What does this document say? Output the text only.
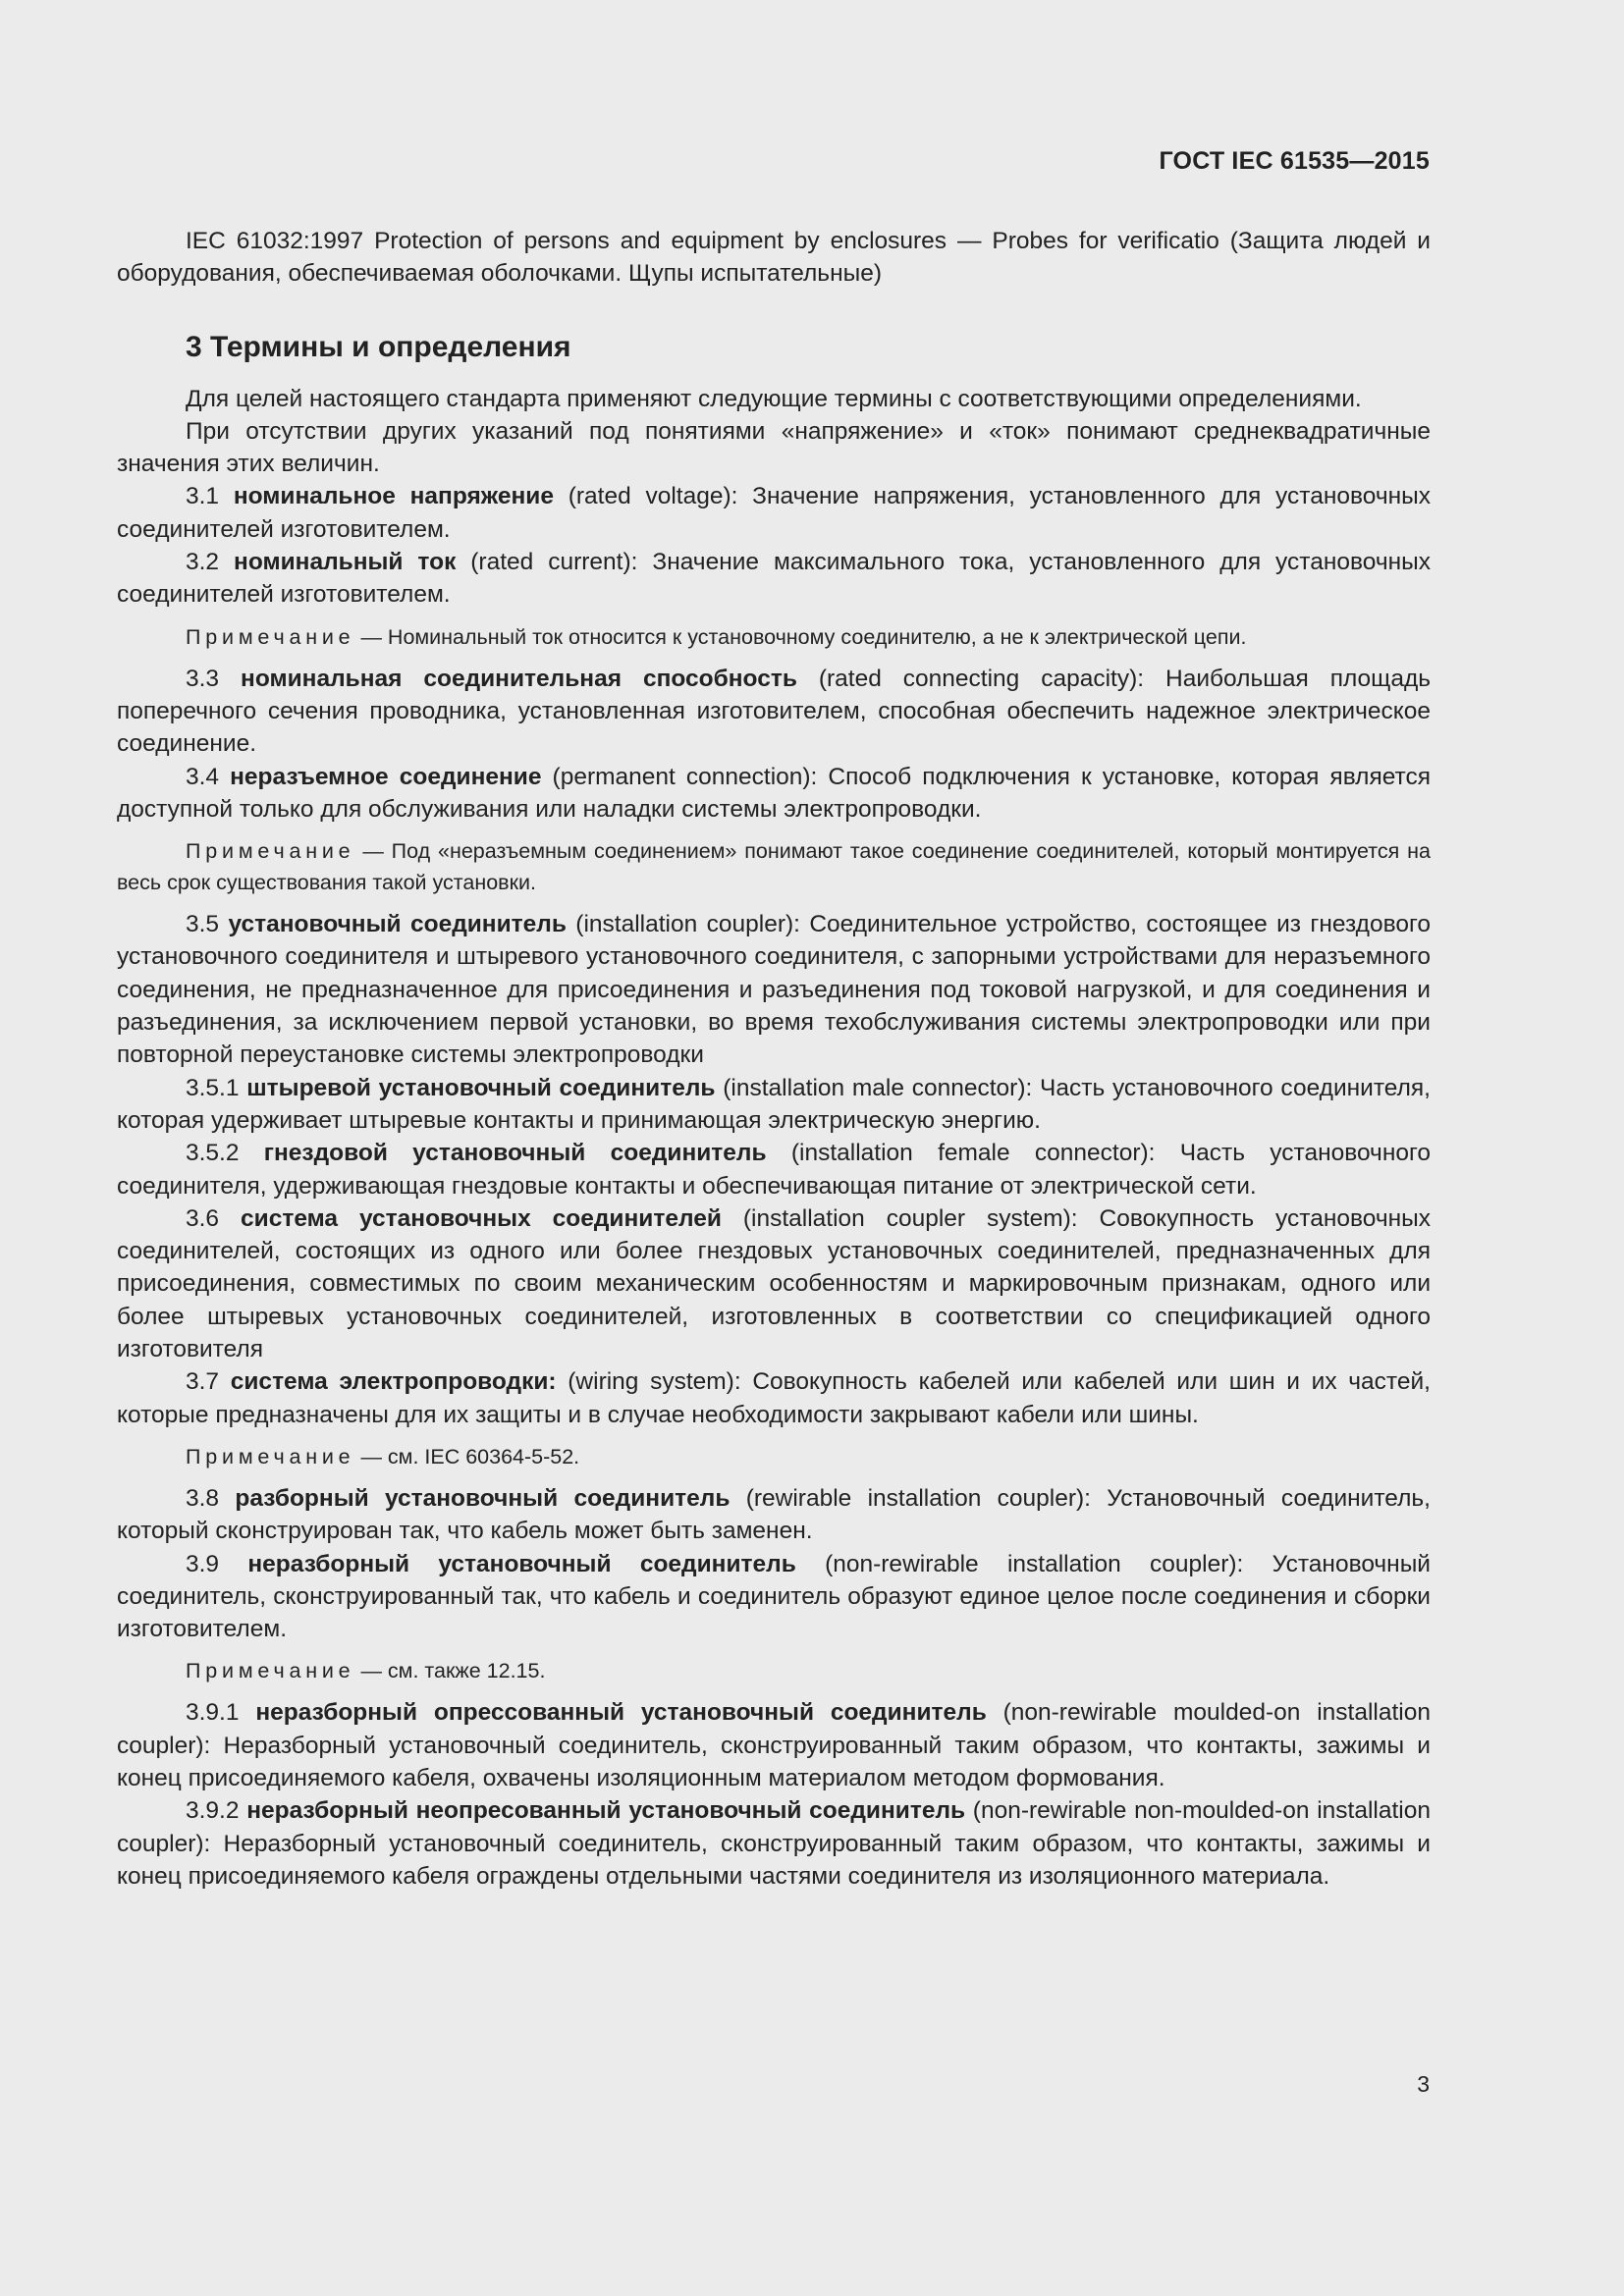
ГОСТ IEC 61535—2015

IEC 61032:1997 Protection of persons and equipment by enclosures — Probes for verificatio (Защита людей и оборудования, обеспечиваемая оболочками. Щупы испытательные)

3 Термины и определения

Для целей настоящего стандарта применяют следующие термины с соответствующими определениями.

При отсутствии других указаний под понятиями «напряжение» и «ток» понимают среднеквадратичные значения этих величин.

3.1 номинальное напряжение (rated voltage): Значение напряжения, установленного для установочных соединителей изготовителем.

3.2 номинальный ток (rated current): Значение максимального тока, установленного для установочных соединителей изготовителем.

Примечание — Номинальный ток относится к установочному соединителю, а не к электрической цепи.

3.3 номинальная соединительная способность (rated connecting capacity): Наибольшая площадь поперечного сечения проводника, установленная изготовителем, способная обеспечить надежное электрическое соединение.

3.4 неразъемное соединение (permanent connection): Способ подключения к установке, которая является доступной только для обслуживания или наладки системы электропроводки.

Примечание — Под «неразъемным соединением» понимают такое соединение соединителей, который монтируется на весь срок существования такой установки.

3.5 установочный соединитель (installation coupler): Соединительное устройство, состоящее из гнездового установочного соединителя и штыревого установочного соединителя, с запорными устройствами для неразъемного соединения, не предназначенное для присоединения и разъединения под токовой нагрузкой, и для соединения и разъединения, за исключением первой установки, во время техобслуживания системы электропроводки или при повторной переустановке системы электропроводки

3.5.1 штыревой установочный соединитель (installation male connector): Часть установочного соединителя, которая удерживает штыревые контакты и принимающая электрическую энергию.

3.5.2 гнездовой установочный соединитель (installation female connector): Часть установочного соединителя, удерживающая гнездовые контакты и обеспечивающая питание от электрической сети.

3.6 система установочных соединителей (installation coupler system): Совокупность установочных соединителей, состоящих из одного или более гнездовых установочных соединителей, предназначенных для присоединения, совместимых по своим механическим особенностям и маркировочным признакам, одного или более штыревых установочных соединителей, изготовленных в соответствии со спецификацией одного изготовителя

3.7 система электропроводки: (wiring system): Совокупность кабелей или кабелей или шин и их частей, которые предназначены для их защиты и в случае необходимости закрывают кабели или шины.

Примечание — см. IEC 60364-5-52.

3.8 разборный установочный соединитель (rewirable installation coupler): Установочный соединитель, который сконструирован так, что кабель может быть заменен.

3.9 неразборный установочный соединитель (non-rewirable installation coupler): Установочный соединитель, сконструированный так, что кабель и соединитель образуют единое целое после соединения и сборки изготовителем.

Примечание — см. также 12.15.

3.9.1 неразборный опрессованный установочный соединитель (non-rewirable moulded-on installation coupler): Неразборный установочный соединитель, сконструированный таким образом, что контакты, зажимы и конец присоединяемого кабеля, охвачены изоляционным материалом методом формования.

3.9.2 неразборный неопресованный установочный соединитель (non-rewirable non-moulded-on installation coupler): Неразборный установочный соединитель, сконструированный таким образом, что контакты, зажимы и конец присоединяемого кабеля ограждены отдельными частями соединителя из изоляционного материала.

3
